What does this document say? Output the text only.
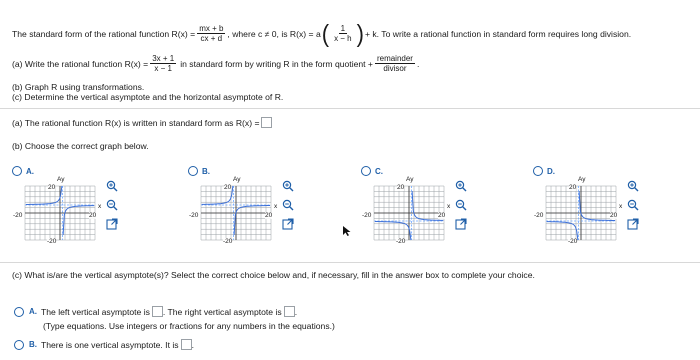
The standard form of the rational function $R(x) = \frac{mx + b}{cx + d}$ , where c ≠ 0, is R(x) = a ( $\frac{1}{x - h}$ ) + k. To write a rational function in standard form requires long division.
(a) Write the rational function $R(x) = \frac{3x + 1}{x - 1}$ in standard form by writing R in the form quotient + $\frac{\text{remainder}}{\text{divisor}}$ .
(b) Graph R using transformations.
(c) Determine the vertical asymptote and the horizontal asymptote of R.
(a) The rational function R(x) is written in standard form as R(x) =
(b) Choose the correct graph below.
A.
20
-20
-20	20
Ay
x
B.
20
-20
-20	20
Ay
x
C.
20
-20
-20	20
Ay
x
D.
20
-20
-20	20
Ay
x
(c) What is/are the vertical asymptote(s)? Select the correct choice below and, if necessary, fill in the answer box to complete your choice.
A. The left vertical asymptote is . The right vertical asymptote is .
(Type equations. Use integers or fractions for any numbers in the equations.)
B. There is one vertical asymptote. It is .
